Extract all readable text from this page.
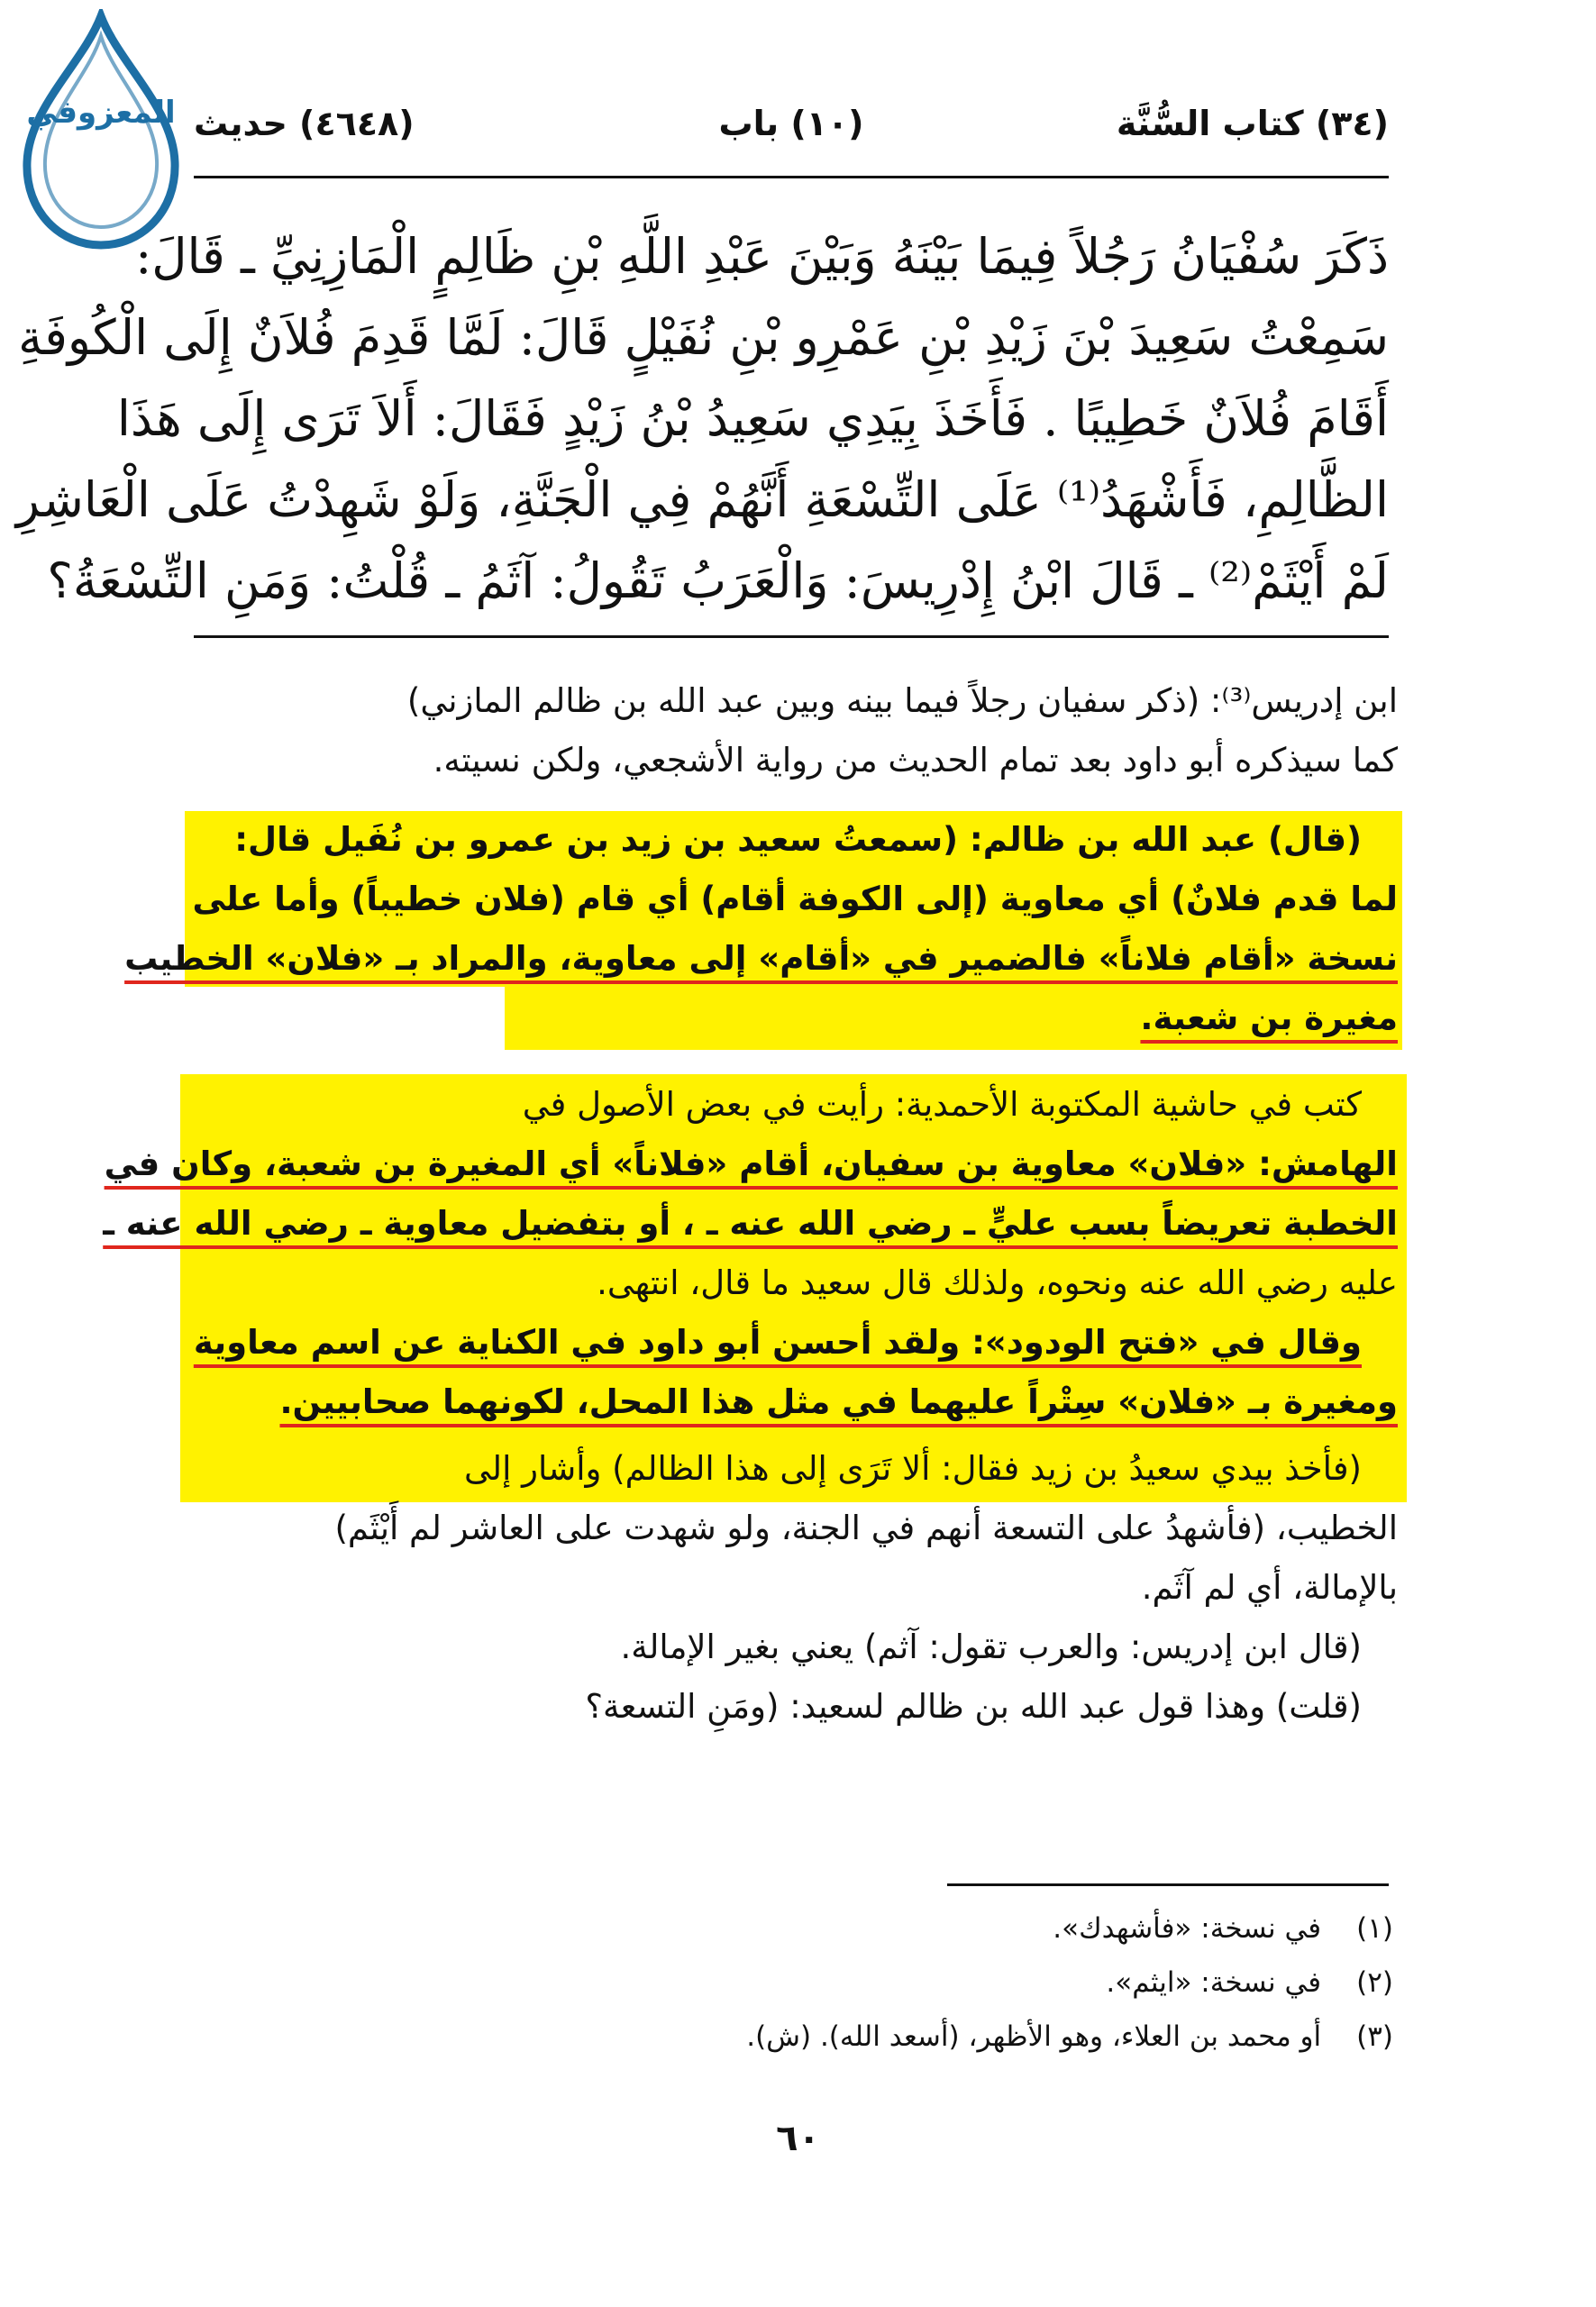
المعزوفي	(٣٤) كتاب السُّنَّة
(١٠) باب
(٤٦٤٨) حديث
ذَكَرَ سُفْيَانُ رَجُلاً فِيمَا بَيْنَهُ وَبَيْنَ عَبْدِ اللَّهِ بْنِ ظَالِمٍ الْمَازِنِيِّ ـ قَالَ:
سَمِعْتُ سَعِيدَ بْنَ زَيْدِ بْنِ عَمْرِو بْنِ نُفَيْلٍ قَالَ: لَمَّا قَدِمَ فُلاَنٌ إِلَى الْكُوفَةِ
أَقَامَ فُلاَنٌ خَطِيبًا . فَأَخَذَ بِيَدِي سَعِيدُ بْنُ زَيْدٍ فَقَالَ: أَلاَ تَرَى إِلَى هَذَا
الظَّالِمِ، فَأَشْهَدُ⁽¹⁾ عَلَى التِّسْعَةِ أَنَّهُمْ فِي الْجَنَّةِ، وَلَوْ شَهِدْتُ عَلَى الْعَاشِرِ
لَمْ أَيْثَمْ⁽²⁾ ـ قَالَ ابْنُ إِدْرِيسَ: وَالْعَرَبُ تَقُولُ: آثَمُ ـ قُلْتُ: وَمَنِ التِّسْعَةُ؟
ابن إدريس⁽³⁾: (ذكر سفيان رجلاً فيما بينه وبين عبد الله بن ظالم المازني)
كما سيذكره أبو داود بعد تمام الحديث من رواية الأشجعي، ولكن نسيته.
(قال) عبد الله بن ظالم: (سمعتُ سعيد بن زيد بن عمرو بن نُفَيل قال:
لما قدم فلانٌ) أي معاوية (إلى الكوفة أقام) أي قام (فلان خطيباً) وأما على
نسخة «أقام فلاناً» فالضمير في «أقام» إلى معاوية، والمراد بـ «فلان» الخطيب
مغيرة بن شعبة.
كتب في حاشية المكتوبة الأحمدية: رأيت في بعض الأصول في
الهامش: «فلان» معاوية بن سفيان، أقام «فلاناً» أي المغيرة بن شعبة، وكان في
الخطبة تعريضاً بسب عليٍّ ـ رضي الله عنه ـ ، أو بتفضيل معاوية ـ رضي الله عنه ـ
عليه رضي الله عنه ونحوه، ولذلك قال سعيد ما قال، انتهى.
وقال في «فتح الودود»: ولقد أحسن أبو داود في الكناية عن اسم معاوية
ومغيرة بـ «فلان» سِتْراً عليهما في مثل هذا المحل، لكونهما صحابيين.
(فأخذ بيدي سعيدُ بن زيد فقال: ألا تَرَى إلى هذا الظالم) وأشار إلى
الخطيب، (فأشهدُ على التسعة أنهم في الجنة، ولو شهدت على العاشر لم أَيْثَم)
بالإمالة، أي لم آثَم.
(قال ابن إدريس: والعرب تقول: آثم) يعني بغير الإمالة.
(قلت) وهذا قول عبد الله بن ظالم لسعيد: (ومَنِ التسعة؟
(١) في نسخة: «فأشهدك».
(٢) في نسخة: «ايثم».
(٣) أو محمد بن العلاء، وهو الأظهر، (أسعد الله). (ش).
٦٠
